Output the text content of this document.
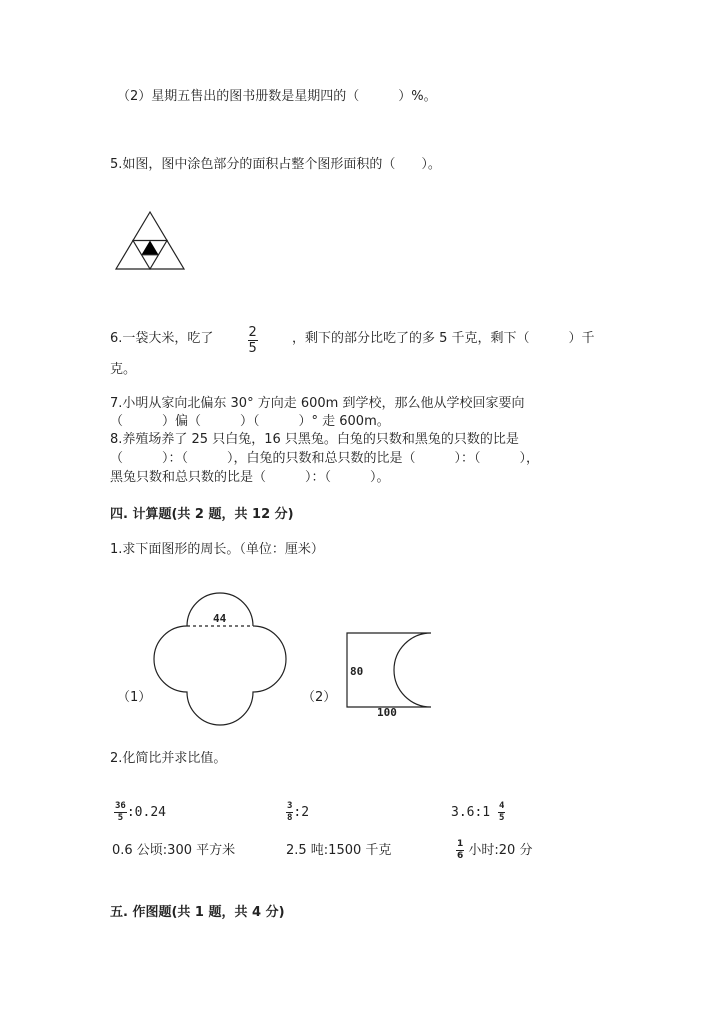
（2）星期五售出的图书册数是星期四的（　　　）%。
5.如图，图中涂色部分的面积占整个图形面积的（　　）。
6.一袋大米，吃了	$\frac{2}{5}$	，剩下的部分比吃了的多 5 千克，剩下（　　　）千
克。
7.小明从家向北偏东 30° 方向走 600m 到学校，那么他从学校回家要向
（　　　）偏（　　　）（　　　）° 走 600m。
8.养殖场养了 25 只白兔，16 只黑兔。白兔的只数和黑兔的只数的比是
（　　　）：（　　　），白兔的只数和总只数的比是（　　　）：（　　　），
黑兔只数和总只数的比是（　　　）：（　　　）。
四. 计算题(共 2 题，共 12 分)
1.求下面图形的周长。（单位：厘米）
（1）
44
（2）
80
100
2.化简比并求比值。
$\frac{36}{5}$ :0.24	$\frac{3}{8}$ :2	3.6:1 $\frac{4}{5}$
0.6 公顷:300 平方米	2.5 吨:1500 千克	$\frac{1}{6}$ 小时:20 分
五. 作图题(共 1 题，共 4 分)
